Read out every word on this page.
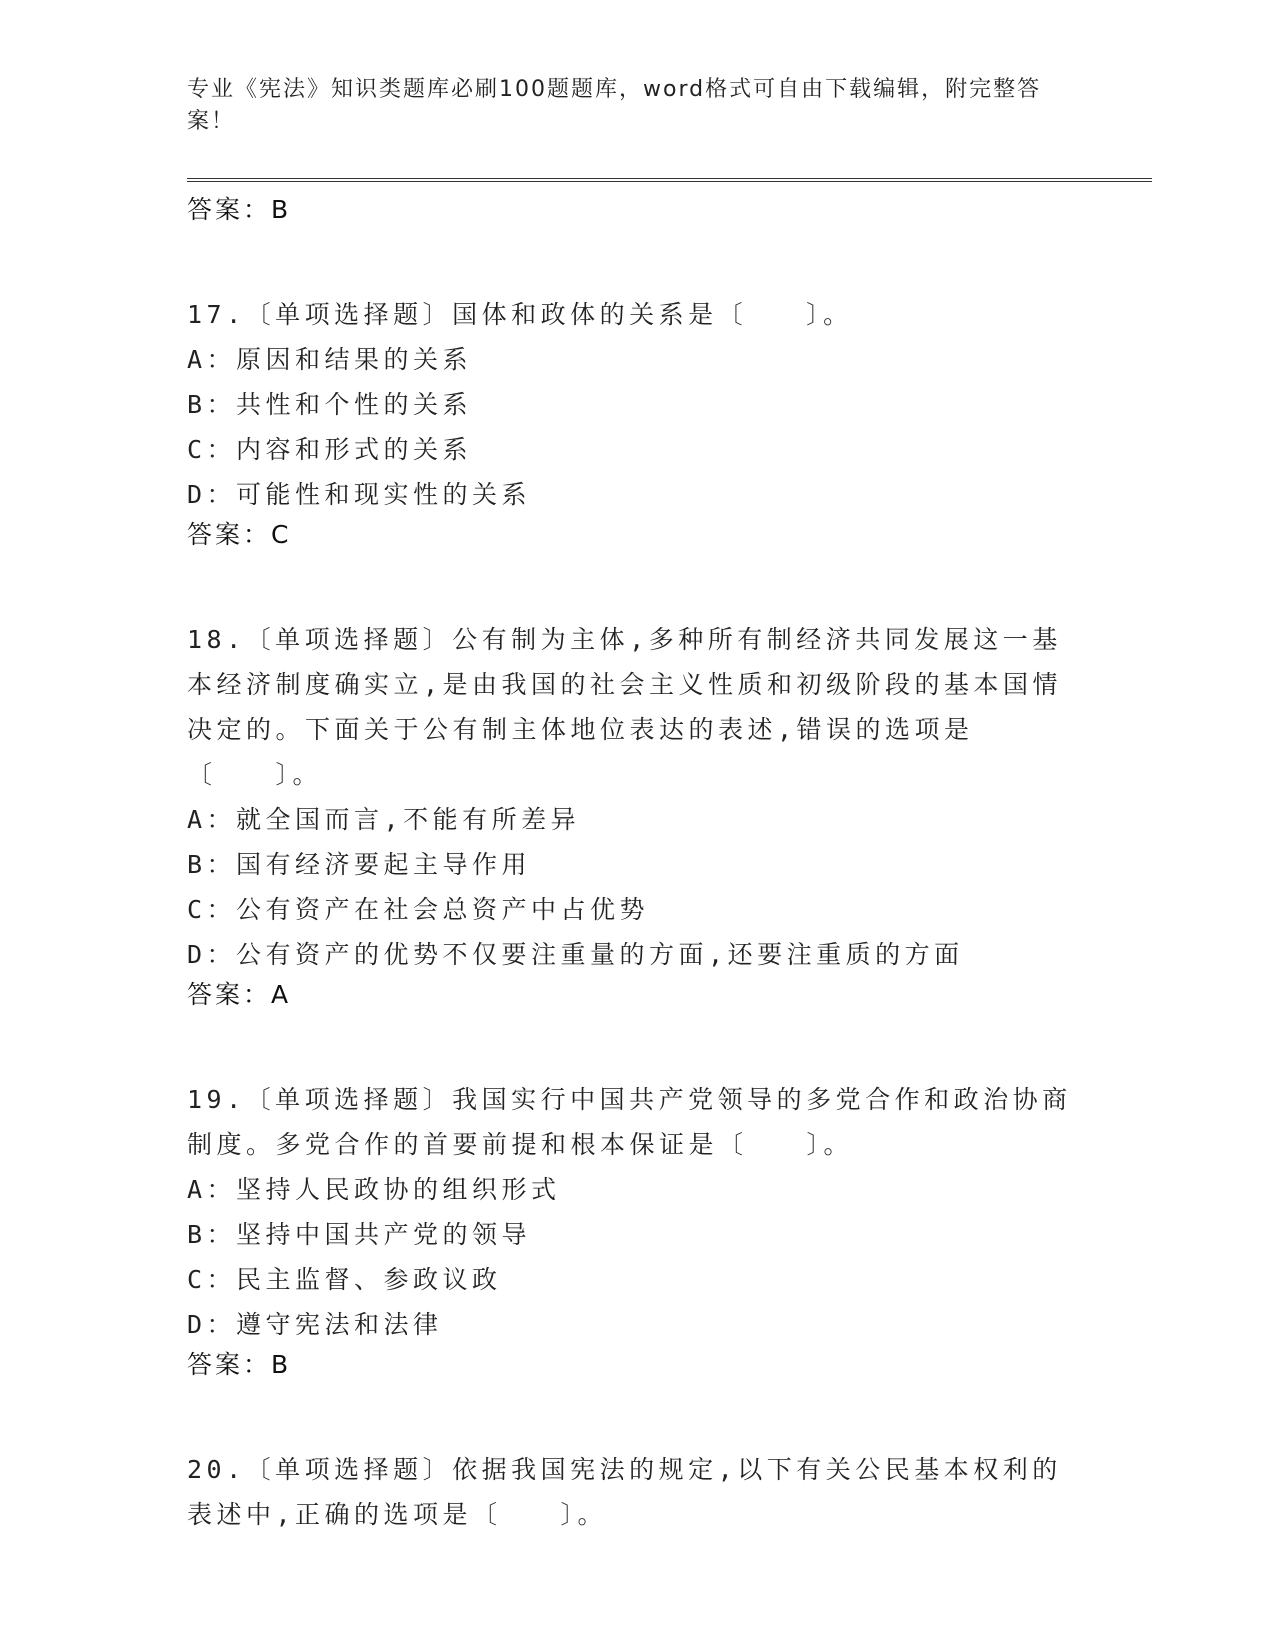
专业《宪法》知识类题库必刷100题题库，word格式可自由下载编辑，附完整答案！
答案：B
17.〔单项选择题〕国体和政体的关系是〔　　〕。
A：原因和结果的关系
B：共性和个性的关系
C：内容和形式的关系
D：可能性和现实性的关系
答案：C
18.〔单项选择题〕公有制为主体,多种所有制经济共同发展这一基本经济制度确实立,是由我国的社会主义性质和初级阶段的基本国情决定的。下面关于公有制主体地位表达的表述,错误的选项是〔　　〕。
A：就全国而言,不能有所差异
B：国有经济要起主导作用
C：公有资产在社会总资产中占优势
D：公有资产的优势不仅要注重量的方面,还要注重质的方面
答案：A
19.〔单项选择题〕我国实行中国共产党领导的多党合作和政治协商制度。多党合作的首要前提和根本保证是〔　　〕。
A：坚持人民政协的组织形式
B：坚持中国共产党的领导
C：民主监督、参政议政
D：遵守宪法和法律
答案：B
20.〔单项选择题〕依据我国宪法的规定,以下有关公民基本权利的表述中,正确的选项是〔　　〕。
